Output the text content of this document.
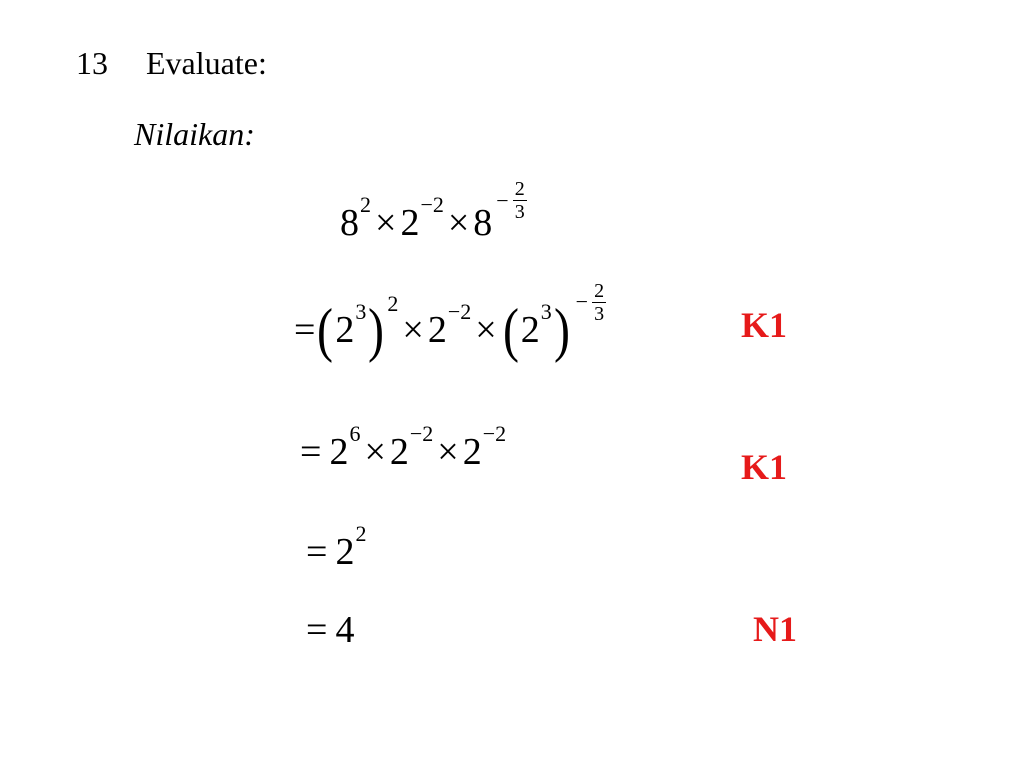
13 Evaluate:
Nilaikan:
8 2 × 2 −2 × 8
− $\frac{2}{3}$
= ( 2 3 ) 2
× 2 −2 × ( 2 3 ) − $\frac{2}{3}$
= 2 6 × 2 −2 × 2 −2
= 2 2
= 4
K1
K1
N1
